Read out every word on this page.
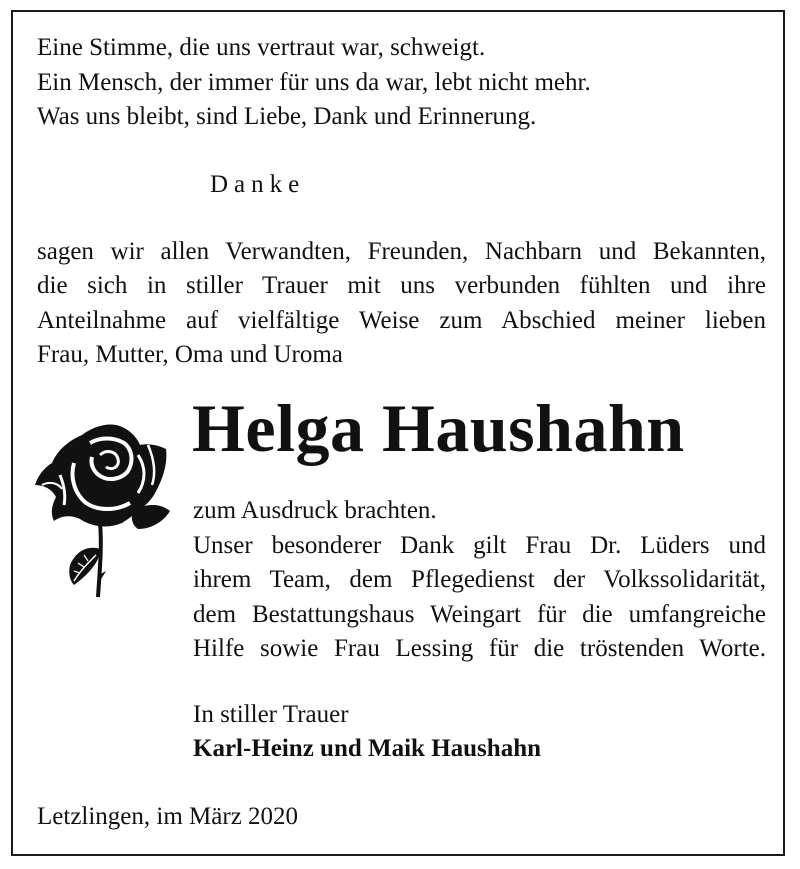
Eine Stimme, die uns vertraut war, schweigt.
Ein Mensch, der immer für uns da war, lebt nicht mehr.
Was uns bleibt, sind Liebe, Dank und Erinnerung.
Danke
sagen wir allen Verwandten, Freunden, Nachbarn und Bekannten,
die sich in stiller Trauer mit uns verbunden fühlten und ihre
Anteilnahme auf vielfältige Weise zum Abschied meiner lieben
Frau, Mutter, Oma und Uroma
Helga Haushahn
zum Ausdruck brachten.
Unser besonderer Dank gilt Frau Dr. Lüders und
ihrem Team, dem Pflegedienst der Volkssolidarität,
dem Bestattungshaus Weingart für die umfangreiche
Hilfe sowie Frau Lessing für die tröstenden Worte.
In stiller Trauer
Karl-Heinz und Maik Haushahn
Letzlingen, im März 2020
